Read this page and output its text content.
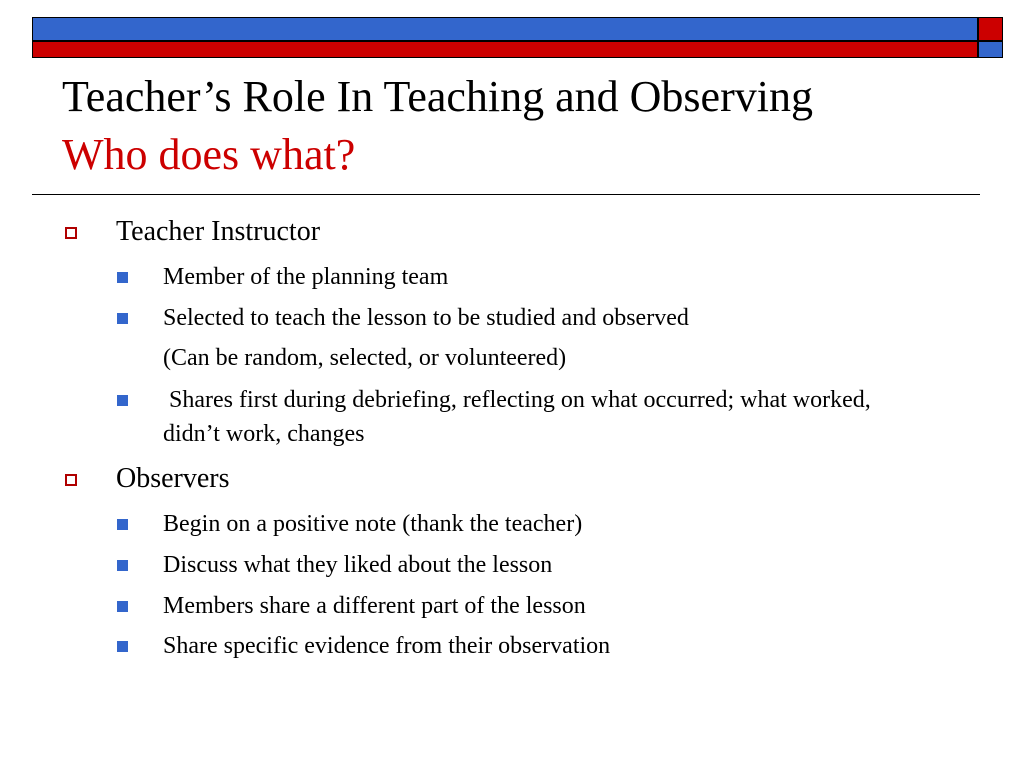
Teacher’s Role In Teaching and Observing
Who does what?
Teacher Instructor
Member of the planning team
Selected to teach the lesson to be studied and observed
(Can be random, selected, or volunteered)
Shares first during debriefing, reflecting on what occurred; what worked, didn’t work, changes
Observers
Begin on a positive note (thank the teacher)
Discuss what they liked about the lesson
Members share a different part of the lesson
Share specific evidence from their observation
